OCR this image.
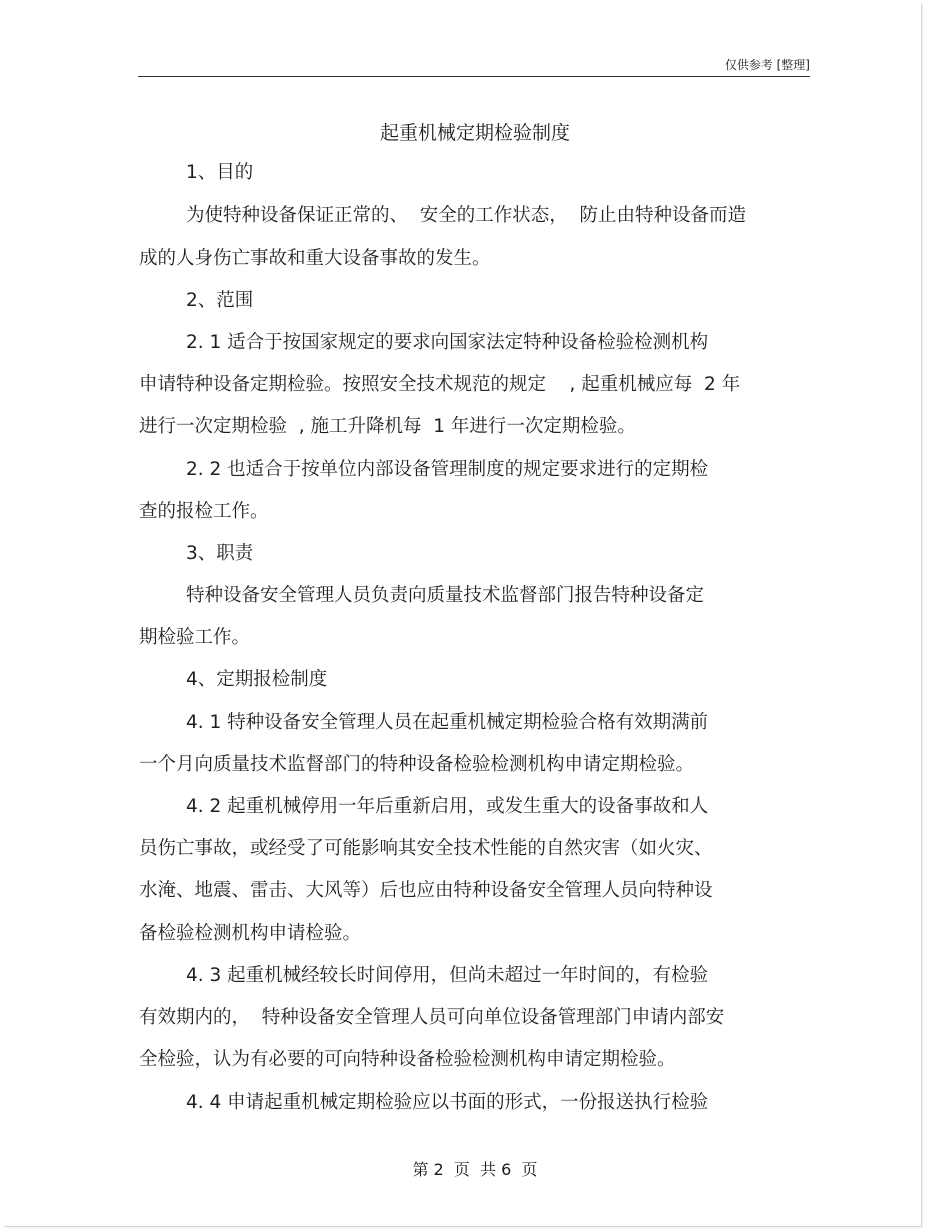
仅供参考 [整理]
起重机械定期检验制度
1、目的
为使特种设备保证正常的、  安全的工作状态，  防止由特种设备而造
成的人身伤亡事故和重大设备事故的发生。
2、范围
2. 1 适合于按国家规定的要求向国家法定特种设备检验检测机构
申请特种设备定期检验。按照安全技术规范的规定    , 起重机械应每  2 年
进行一次定期检验  , 施工升降机每  1 年进行一次定期检验。
2. 2 也适合于按单位内部设备管理制度的规定要求进行的定期检
查的报检工作。
3、职责
特种设备安全管理人员负责向质量技术监督部门报告特种设备定
期检验工作。
4、定期报检制度
4. 1 特种设备安全管理人员在起重机械定期检验合格有效期满前
一个月向质量技术监督部门的特种设备检验检测机构申请定期检验。
4. 2 起重机械停用一年后重新启用，或发生重大的设备事故和人
员伤亡事故，或经受了可能影响其安全技术性能的自然灾害（如火灾、
水淹、地震、雷击、大风等）后也应由特种设备安全管理人员向特种设
备检验检测机构申请检验。
4. 3 起重机械经较长时间停用，但尚未超过一年时间的，有检验
有效期内的，  特种设备安全管理人员可向单位设备管理部门申请内部安
全检验，认为有必要的可向特种设备检验检测机构申请定期检验。
4. 4 申请起重机械定期检验应以书面的形式，一份报送执行检验
第 2  页  共 6  页
